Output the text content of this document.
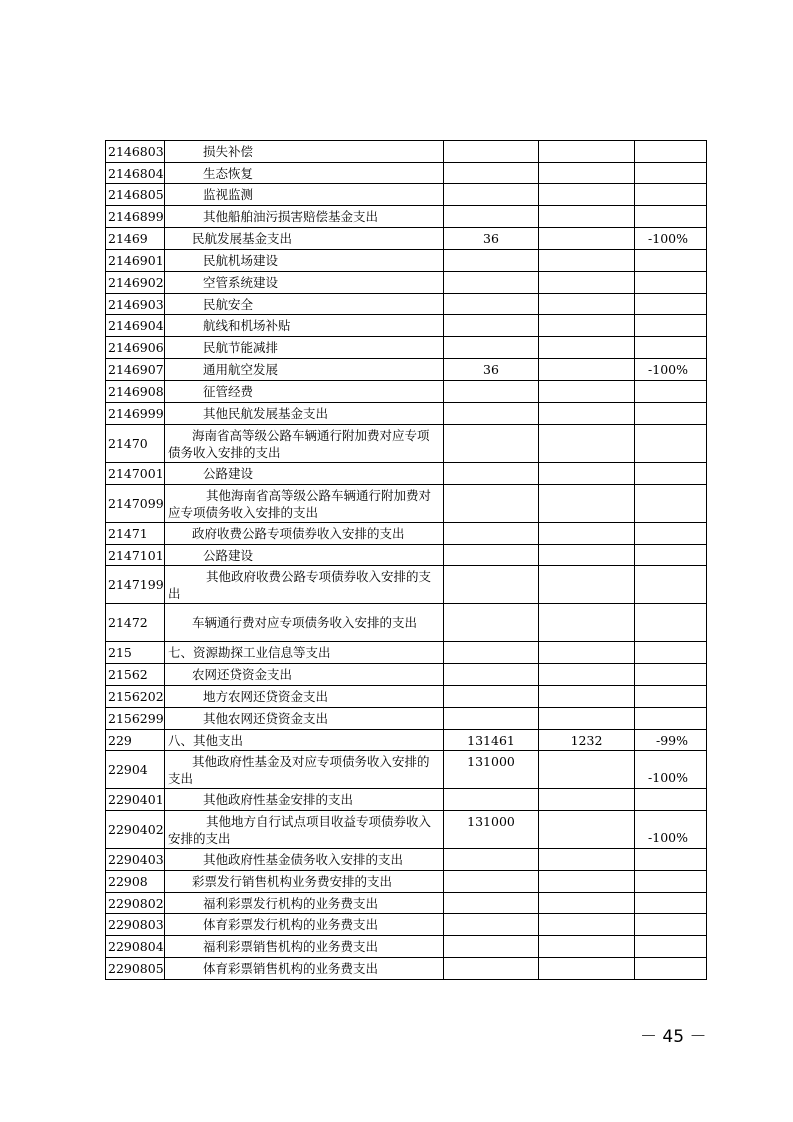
2146803	损失补偿			
2146804	生态恢复			
2146805	监视监测			
2146899	其他船舶油污损害赔偿基金支出			
21469	民航发展基金支出	36		-100%
2146901	民航机场建设			
2146902	空管系统建设			
2146903	民航安全			
2146904	航线和机场补贴			
2146906	民航节能减排			
2146907	通用航空发展	36		-100%
2146908	征管经费			
2146999	其他民航发展基金支出			
21470	海南省高等级公路车辆通行附加费对应专项债务收入安排的支出			
2147001	公路建设			
2147099	其他海南省高等级公路车辆通行附加费对应专项债务收入安排的支出			
21471	政府收费公路专项债券收入安排的支出			
2147101	公路建设			
2147199	其他政府收费公路专项债券收入安排的支出			
21472	车辆通行费对应专项债务收入安排的支出			
215	七、资源勘探工业信息等支出			
21562	农网还贷资金支出			
2156202	地方农网还贷资金支出			
2156299	其他农网还贷资金支出			
229	八、其他支出	131461	1232	-99%
22904	其他政府性基金及对应专项债务收入安排的支出	131000		-100%
2290401	其他政府性基金安排的支出			
2290402	其他地方自行试点项目收益专项债券收入安排的支出	131000		-100%
2290403	其他政府性基金债务收入安排的支出			
22908	彩票发行销售机构业务费安排的支出			
2290802	福利彩票发行机构的业务费支出			
2290803	体育彩票发行机构的业务费支出			
2290804	福利彩票销售机构的业务费支出			
2290805	体育彩票销售机构的业务费支出			
－ 45 －
